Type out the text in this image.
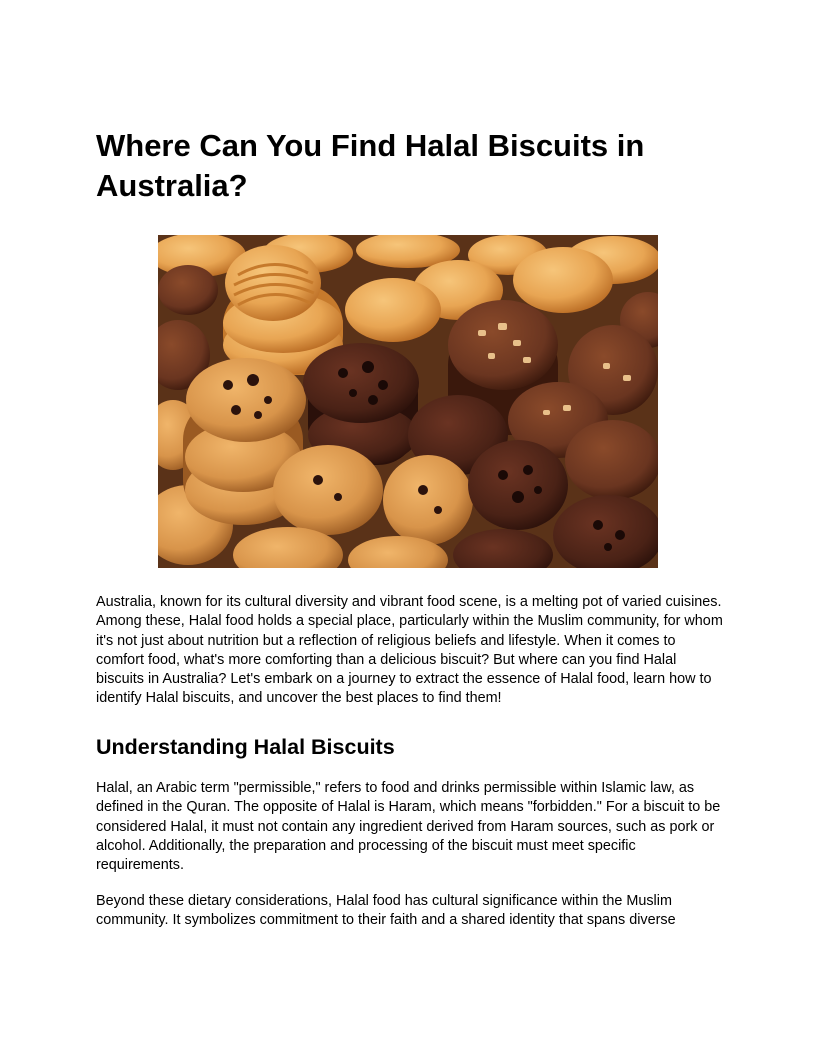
Where Can You Find Halal Biscuits in Australia?

Australia, known for its cultural diversity and vibrant food scene, is a melting pot of varied cuisines. Among these, Halal food holds a special place, particularly within the Muslim community, for whom it's not just about nutrition but a reflection of religious beliefs and lifestyle. When it comes to comfort food, what's more comforting than a delicious biscuit? But where can you find Halal biscuits in Australia? Let's embark on a journey to extract the essence of Halal food, learn how to identify Halal biscuits, and uncover the best places to find them!

Understanding Halal Biscuits

Halal, an Arabic term "permissible," refers to food and drinks permissible within Islamic law, as defined in the Quran. The opposite of Halal is Haram, which means "forbidden." For a biscuit to be considered Halal, it must not contain any ingredient derived from Haram sources, such as pork or alcohol. Additionally, the preparation and processing of the biscuit must meet specific requirements.

Beyond these dietary considerations, Halal food has cultural significance within the Muslim community. It symbolizes commitment to their faith and a shared identity that spans diverse
